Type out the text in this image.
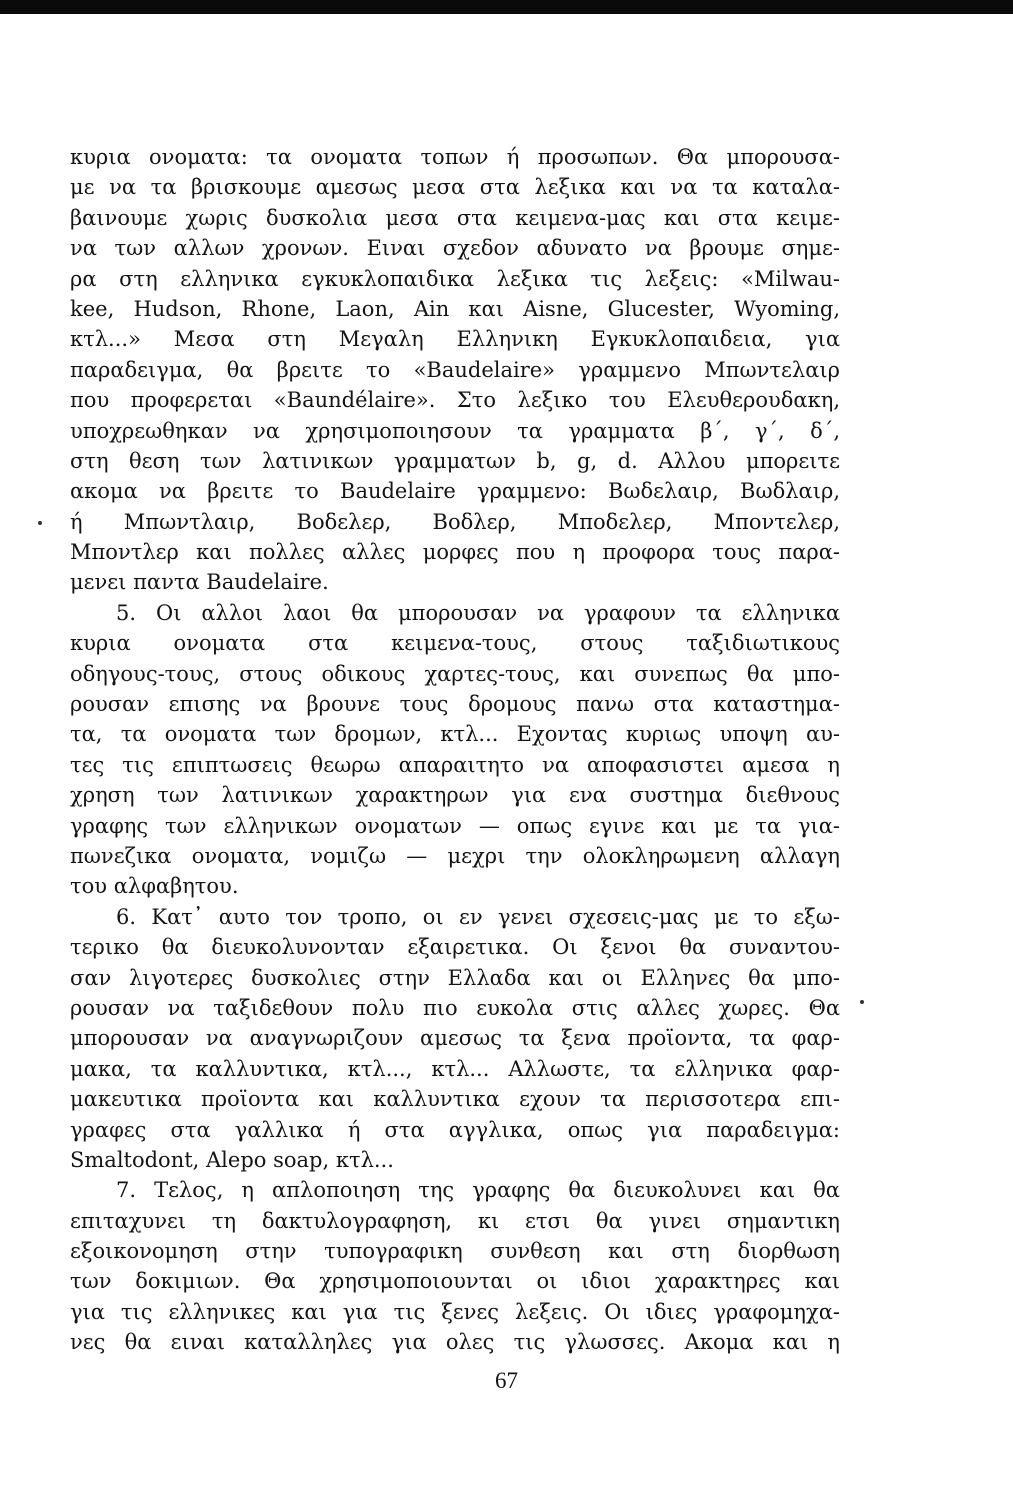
κυρια ονοματα: τα ονοματα τοπων ή προσωπων. Θα μπορουσα-
με να τα βρισκουμε αμεσως μεσα στα λεξικα και να τα καταλα-
βαινουμε χωρις δυσκολια μεσα στα κειμενα-μας και στα κειμε-
να των αλλων χρονων. Ειναι σχεδον αδυνατο να βρουμε σημε-
ρα στη ελληνικα εγκυκλοπαιδικα λεξικα τις λεξεις: «Milwau-
kee, Hudson, Rhone, Laon, Ain και Aisne, Glucester, Wyoming,
κτλ...» Μεσα στη Μεγαλη Ελληνικη Εγκυκλοπαιδεια, για
παραδειγμα, θα βρειτε το «Baudelaire» γραμμενο Μπωντελαιρ
που προφερεται «Baundélaire». Στο λεξικο του Ελευθερουδακη,
υποχρεωθηκαν να χρησιμοποιησουν τα γραμματα β΄, γ΄, δ΄,
στη θεση των λατινικων γραμματων b, g, d. Αλλου μπορειτε
ακομα να βρειτε το Baudelaire γραμμενο: Βωδελαιρ, Βωδλαιρ,
ή Μπωντλαιρ, Βοδελερ, Βοδλερ, Μποδελερ, Μποντελερ,
Μποντλερ και πολλες αλλες μορφες που η προφορα τους παρα-
μενει παντα Baudelaire.
5. Οι αλλοι λαοι θα μπορουσαν να γραφουν τα ελληνικα
κυρια ονοματα στα κειμενα-τους, στους ταξιδιωτικους
οδηγους-τους, στους οδικους χαρτες-τους, και συνεπως θα μπο-
ρουσαν επισης να βρουνε τους δρομους πανω στα καταστημα-
τα, τα ονοματα των δρομων, κτλ... Εχοντας κυριως υποψη αυ-
τες τις επιπτωσεις θεωρω απαραιτητο να αποφασιστει αμεσα η
χρηση των λατινικων χαρακτηρων για ενα συστημα διεθνους
γραφης των ελληνικων ονοματων — οπως εγινε και με τα για-
πωνεζικα ονοματα, νομιζω — μεχρι την ολοκληρωμενη αλλαγη
του αλφαβητου.
6. Κατ᾽ αυτο τον τροπο, οι εν γενει σχεσεις-μας με το εξω-
τερικο θα διευκολυνονταν εξαιρετικα. Οι ξενοι θα συναντου-
σαν λιγοτερες δυσκολιες στην Ελλαδα και οι Ελληνες θα μπο-
ρουσαν να ταξιδεθουν πολυ πιο ευκολα στις αλλες χωρες. Θα
μπορουσαν να αναγνωριζουν αμεσως τα ξενα προϊοντα, τα φαρ-
μακα, τα καλλυντικα, κτλ..., κτλ... Αλλωστε, τα ελληνικα φαρ-
μακευτικα προϊοντα και καλλυντικα εχουν τα περισσοτερα επι-
γραφες στα γαλλικα ή στα αγγλικα, οπως για παραδειγμα:
Smaltodont, Alepo soap, κτλ...
7. Τελος, η απλοποιηση της γραφης θα διευκολυνει και θα
επιταχυνει τη δακτυλογραφηση, κι ετσι θα γινει σημαντικη
εξοικονομηση στην τυπογραφικη συνθεση και στη διορθωση
των δοκιμιων. Θα χρησιμοποιουνται οι ιδιοι χαρακτηρες και
για τις ελληνικες και για τις ξενες λεξεις. Οι ιδιες γραφομηχα-
νες θα ειναι καταλληλες για ολες τις γλωσσες. Ακομα και η
67
